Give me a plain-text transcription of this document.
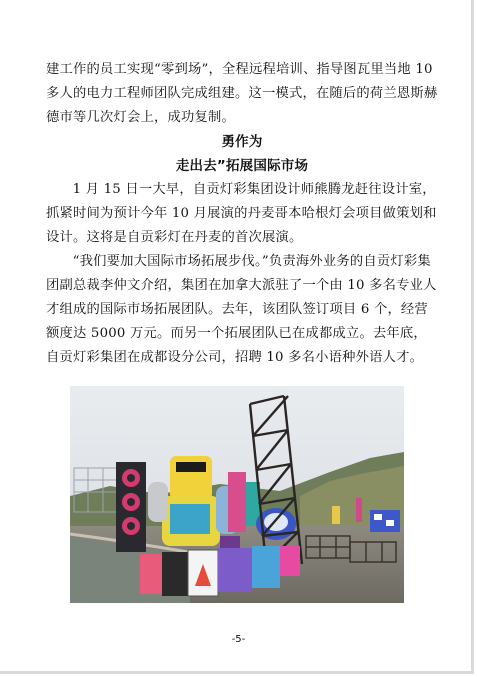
建工作的员工实现“零到场”，全程远程培训、指导图瓦里当地 10 多人的电力工程师团队完成组建。这一模式，在随后的荷兰恩斯赫德市等几次灯会上，成功复制。

勇作为

走出去”拓展国际市场

1 月 15 日一大早，自贡灯彩集团设计师熊腾龙赶往设计室，抓紧时间为预计今年 10 月展演的丹麦哥本哈根灯会项目做策划和设计。这将是自贡彩灯在丹麦的首次展演。

“我们要加大国际市场拓展步伐。”负责海外业务的自贡灯彩集团副总裁李仲文介绍，集团在加拿大派驻了一个由 10 多名专业人才组成的国际市场拓展团队。去年，该团队签订项目 6 个，经营额度达 5000 万元。而另一个拓展团队已在成都成立。去年底，自贡灯彩集团在成都设分公司，招聘 10 多名小语种外语人才。

-5-
